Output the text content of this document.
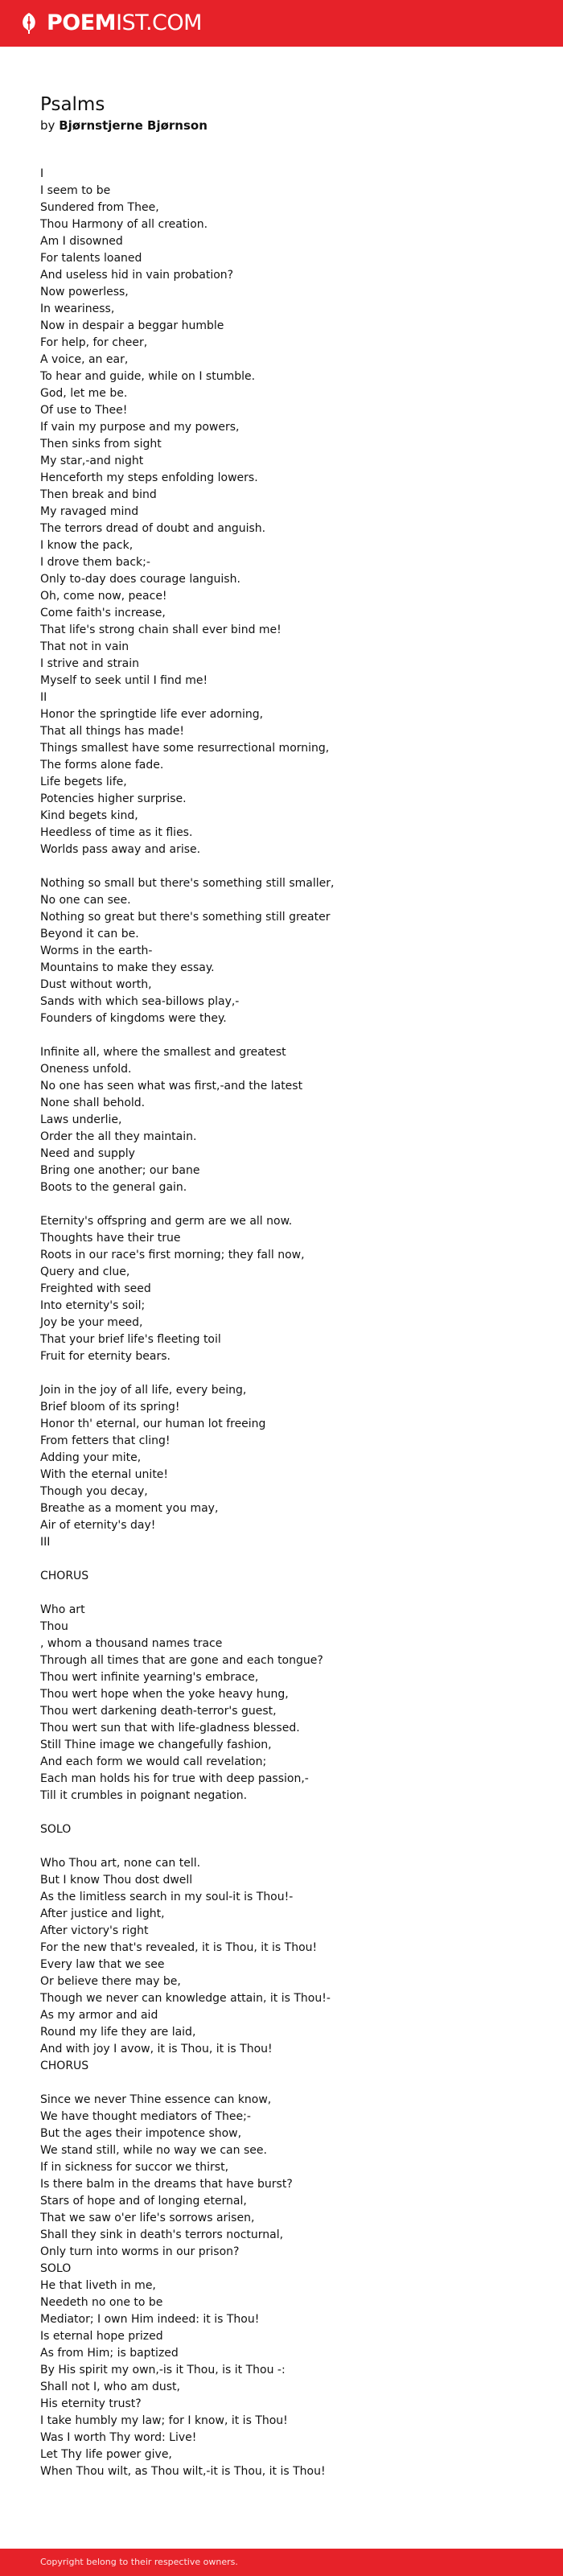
POEMIST.COM
Psalms
by Bjørnstjerne Bjørnson
I
I seem to be
Sundered from Thee,
Thou Harmony of all creation.
Am I disowned
For talents loaned
And useless hid in vain probation?
Now powerless,
In weariness,
Now in despair a beggar humble
For help, for cheer,
A voice, an ear,
To hear and guide, while on I stumble.
God, let me be.
Of use to Thee!
If vain my purpose and my powers,
Then sinks from sight
My star,-and night
Henceforth my steps enfolding lowers.
Then break and bind
My ravaged mind
The terrors dread of doubt and anguish.
I know the pack,
I drove them back;-
Only to-day does courage languish.
Oh, come now, peace!
Come faith's increase,
That life's strong chain shall ever bind me!
That not in vain
I strive and strain
Myself to seek until I find me!
II
Honor the springtide life ever adorning,
That all things has made!
Things smallest have some resurrectional morning,
The forms alone fade.
Life begets life,
Potencies higher surprise.
Kind begets kind,
Heedless of time as it flies.
Worlds pass away and arise.
Nothing so small but there's something still smaller,
No one can see.
Nothing so great but there's something still greater
Beyond it can be.
Worms in the earth-
Mountains to make they essay.
Dust without worth,
Sands with which sea-billows play,-
Founders of kingdoms were they.
Infinite all, where the smallest and greatest
Oneness unfold.
No one has seen what was first,-and the latest
None shall behold.
Laws underlie,
Order the all they maintain.
Need and supply
Bring one another; our bane
Boots to the general gain.
Eternity's offspring and germ are we all now.
Thoughts have their true
Roots in our race's first morning; they fall now,
Query and clue,
Freighted with seed
Into eternity's soil;
Joy be your meed,
That your brief life's fleeting toil
Fruit for eternity bears.
Join in the joy of all life, every being,
Brief bloom of its spring!
Honor th' eternal, our human lot freeing
From fetters that cling!
Adding your mite,
With the eternal unite!
Though you decay,
Breathe as a moment you may,
Air of eternity's day!
III
CHORUS
Who art
Thou
, whom a thousand names trace
Through all times that are gone and each tongue?
Thou wert infinite yearning's embrace,
Thou wert hope when the yoke heavy hung,
Thou wert darkening death-terror's guest,
Thou wert sun that with life-gladness blessed.
Still Thine image we changefully fashion,
And each form we would call revelation;
Each man holds his for true with deep passion,-
Till it crumbles in poignant negation.
SOLO
Who Thou art, none can tell.
But I know Thou dost dwell
As the limitless search in my soul-it is Thou!-
After justice and light,
After victory's right
For the new that's revealed, it is Thou, it is Thou!
Every law that we see
Or believe there may be,
Though we never can knowledge attain, it is Thou!-
As my armor and aid
Round my life they are laid,
And with joy I avow, it is Thou, it is Thou!
CHORUS
Since we never Thine essence can know,
We have thought mediators of Thee;-
But the ages their impotence show,
We stand still, while no way we can see.
If in sickness for succor we thirst,
Is there balm in the dreams that have burst?
Stars of hope and of longing eternal,
That we saw o'er life's sorrows arisen,
Shall they sink in death's terrors nocturnal,
Only turn into worms in our prison?
SOLO
He that liveth in me,
Needeth no one to be
Mediator; I own Him indeed: it is Thou!
Is eternal hope prized
As from Him; is baptized
By His spirit my own,-is it Thou, is it Thou -:
Shall not I, who am dust,
His eternity trust?
I take humbly my law; for I know, it is Thou!
Was I worth Thy word: Live!
Let Thy life power give,
When Thou wilt, as Thou wilt,-it is Thou, it is Thou!
Copyright belong to their respective owners.
